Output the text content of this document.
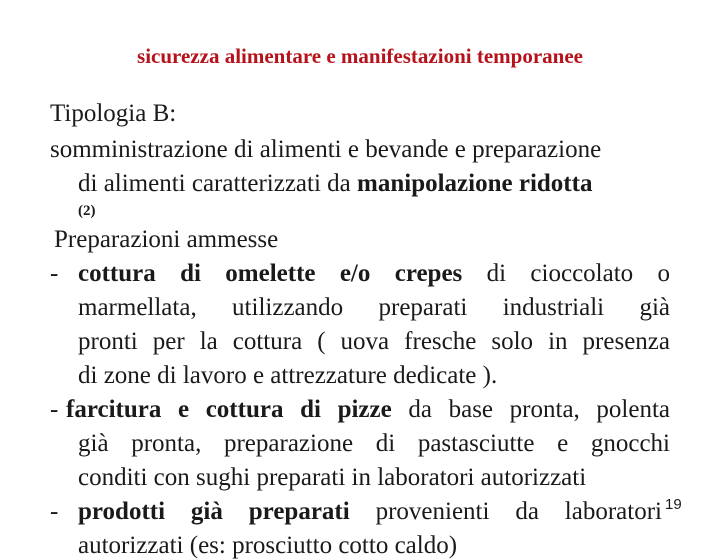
sicurezza alimentare e manifestazioni temporanee
Tipologia B:
somministrazione di alimenti e bevande e preparazione
di alimenti caratterizzati da manipolazione ridotta
(2)
Preparazioni ammesse
- cottura di omelette e/o crepes di cioccolato o
marmellata, utilizzando preparati industriali già
pronti per la cottura ( uova fresche solo in presenza
di zone di lavoro e attrezzature dedicate ).
- farcitura e cottura di pizze da base pronta, polenta
già pronta, preparazione di pastasciutte e gnocchi
conditi con sughi preparati in laboratori autorizzati
- prodotti già preparati provenienti da laboratori
autorizzati (es: prosciutto cotto caldo)
19
